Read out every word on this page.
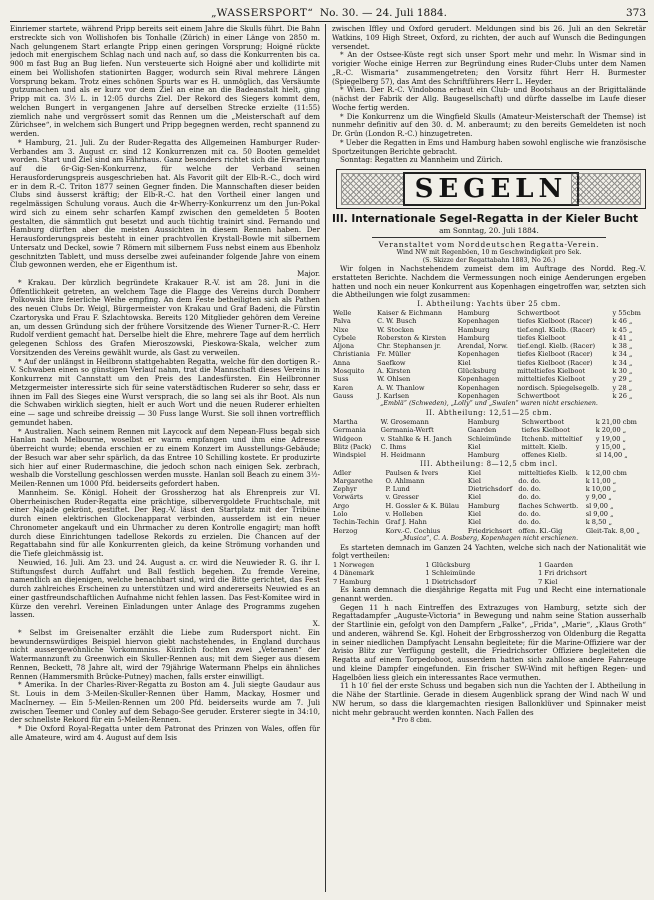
„WASSERSPORT“ No. 30. — 24. Juli 1884.	373

Einriemer startete, während Pripp bereits seit einem Jahre die Skulls führt. Die Bahn erstreckte sich von Wollishofen bis Tonhalle (Zürich) in einer Länge von 2850 m. Nach gelungenem Start erlangte Pripp einen geringen Vorsprung; Hoigné rückte jedoch mit energischem Schlag nach und nach auf, so dass die Konkurrenten bis ca. 900 m fast Bug an Bug liefen. Nun versteuerte sich Hoigné aber und kollidirte mit einem bei Wollishofen stationirten Bagger, wodurch sein Rival mehrere Längen Vorsprung bekam. Trotz eines schönen Spurts war es H. unmöglich, das Versäumte gutzumachen und als er kurz vor dem Ziel an eine an die Badeanstalt hielt, ging Pripp mit ca. 3½ L. in 12:05 durchs Ziel. Der Rekord des Siegers kommt dem, welchen Bungert in vergangenen Jahre auf derselben Strecke erzielte (11:55) ziemlich nahe und vergrössert somit das Rennen um die „Meisterschaft auf dem Zürichsee“, in welchem sich Bungert und Pripp begegnen werden, recht spannend zu werden.

* Hamburg, 21. Juli. Zu der Ruder-Regatta des Allgemeinen Hamburger Ruder-Verbandes am 3. August cr. sind 12 Konkurrenzen mit ca. 50 Booten gemeldet worden. Start und Ziel sind am Fährhaus. Ganz besonders richtet sich die Erwartung auf die 6r-Gig-Sen-Konkurrenz, für welche der Verband seinen Herausforderungspreis ausgeschrieben hat. Als Favorit gilt der Elb-R.-C., doch wird er in dem R.-C. Triton 1877 seinen Gegner finden. Die Mannschaften dieser beiden Clubs sind äusserst kräftig; der Elb-R.-C. hat den Vortheil einer langen und regelmässigen Schulung voraus. Auch die 4r-Wherry-Konkurrenz um den Jun-Pokal wird sich zu einem sehr scharfen Kampf zwischen den gemeldeten 5 Booten gestalten, die sämmtlich gut besetzt und auch tüchtig trainirt sind. Fernando und Hamburg dürften aber die meisten Aussichten in diesem Rennen haben. Der Herausforderungspreis besteht in einer prachtvollen Krystall-Bowle mit silbernem Untersatz und Deckel, sowie 7 Römern mit silbernem Fuss nebst einem aus Ebenholz geschnitzten Tablett, und muss derselbe zwei aufeinander folgende Jahre von einem Club gewonnen werden, ehe er Eigenthum ist.

Major.

* Krakau. Der kürzlich begründete Krakauer R.-V. ist am 28. Juni in die Öffentlichkeit getreten, an welchem Tage die Flagge des Vereins durch Domherr Polkowski ihre feierliche Weihe empfing. An dem Feste betheiligten sich als Pathen des neuen Clubs Dr. Weigl, Bürgermeister von Krakau und Graf Badeni, die Fürstin Czartoryska und Frau F. Szlachtowska. Bereits 120 Mitglieder gehören dem Vereine an, um dessen Gründung sich der frühere Vorsitzende des Wiener Turner-R.-C. Herr Rudolf verdient gemacht hat. Derselbe hielt die Ehre, mehrere Tage auf dem herrlich gelegenen Schloss des Grafen Mieroszowski, Pieskowa-Skala, welcher zum Vorsitzenden des Vereins gewählt wurde, als Gast zu verweilen.

* Auf der unlängst in Heilbronn stattgehabten Regatta, welche für den dortigen R.-V. Schwaben einen so günstigen Verlauf nahm, trat die Mannschaft dieses Vereins in Konkurrenz mit Cannstatt um den Preis des Landesfürsten. Ein Heilbronner Metzgermeister interessirte sich für seine vaterstädtischen Ruderer so sehr, dass er ihnen im Fall des Sieges eine Wurst versprach, die so lang sei als ihr Boot. Als nun die Schwaben wirklich siegten, hielt er auch Wort und die neuen Ruderer erhielten eine — sage und schreibe dreissig — 30 Fuss lange Wurst. Sie soll ihnen vortrefflich gemundet haben.

* Australien. Nach seinem Rennen mit Laycock auf dem Nepean-Fluss begab sich Hanlan nach Melbourne, woselbst er warm empfangen und ihm eine Adresse überreicht wurde; ebenda erschien er zu einem Konzert im Ausstellungs-Gebäude; der Besuch war aber sehr spärlich, da das Entree 10 Schilling kostete. Er produzirte sich hier auf einer Rudermaschine, die jedoch schon nach einigen Sek. zerbrach, weshalb die Vorstellung geschlossen werden musste. Hanlan soll Beach zu einem 3½-Meilen-Rennen um 1000 Pfd. beiderseits gefordert haben.

Mannheim. Se. Königl. Hoheit der Grossherzog hat als Ehrenpreis zur VI. Oberrheinischen Ruder-Regatta eine prächtige, silbervergoldete Fruchtschale, mit einer Najade gekrönt, gestiftet. Der Reg.-V. lässt den Startplatz mit der Tribüne durch einen elektrischen Glockenapparat verbinden, ausserdem ist ein neuer Chronometer angekauft und ein Uhrmacher zu deren Kontrolle engagirt; man hofft durch diese Einrichtungen tadellose Rekords zu erzielen. Die Chancen auf der Regattabahn sind für alle Konkurrenten gleich, da keine Strömung vorhanden und die Tiefe gleichmässig ist.

Neuwied, 16. Juli. Am 23. und 24. August a. cr. wird die Neuwieder R. G. ihr I. Stiftungsfest durch Auffahrt und Ball festlich begehen. Zu fremde Vereine, namentlich an diejenigen, welche benachbart sind, wird die Bitte gerichtet, das Fest durch zahlreiches Erscheinen zu unterstützen und wird andererseits Neuwied es an einer gastfreundschaftlichen Aufnahme nicht fehlen lassen. Das Fest-Komitee wird in Kürze den verehrl. Vereinen Einladungen unter Anlage des Programms zugehen lassen.

X.

* Selbst im Greisenalter erzählt die Liebe zum Rudersport nicht. Ein bewundernswürdiges Beispiel hiervon giebt nachstehendes, in England durchaus nicht aussergewöhnliche Vorkommniss. Kürzlich fochten zwei „Veteranen“ der Watermannzunft zu Greenwich ein Skuller-Rennen aus; mit dem Sieger aus diesem Rennen, Beckett, 78 Jahre alt, wird der 79jährige Watermann Phelps ein ähnliches Rennen (Hammersmith Brücke-Putney) machen, falls erster einwilligt.

* Amerika. In der Charles-River-Regatta zu Boston am 4. Juli siegte Gaudaur aus St. Louis in dem 3-Meilen-Skuller-Rennen über Hamm, Mackay, Hosmer und MacInerney. — Ein 5-Meilen-Rennen um 200 Pfd. beiderseits wurde am 7. Juli zwischen Teemer und Conley auf dem Sebago-See geruder. Ersterer siegte in 34:10, der schnellste Rekord für ein 5-Meilen-Rennen.

* Die Oxford Royal-Regatta unter dem Patronat des Prinzen von Wales, offen für alle Amateure, wird am 4. August auf dem Isis

zwischen Iffley und Oxford gerudert. Meldungen sind bis 26. Juli an den Sekretär Watkins, 109 High Street, Oxford, zu richten, der auch auf Wunsch die Bedingungen versendet.

* An der Ostsee-Küste regt sich unser Sport mehr und mehr. In Wismar sind in vorigier Woche einige Herren zur Begründung eines Ruder-Clubs unter dem Namen „R.-C. Wismaria“ zusammengetreten; den Vorsitz führt Herr H. Burmester (Spiegelberg 57), das Amt des Schriftführers Herr L. Heyder.

* Wien. Der R.-C. Vindobona erbaut ein Club- und Bootshaus an der Brigittalände (nächst der Fabrik der Allg. Baugesellschaft) und dürfte dasselbe im Laufe dieser Woche fertig werden.

* Die Konkurrenz um die Wingfield Skulls (Amateur-Meisterschaft der Themse) ist nunmehr definitiv auf den 30. d. M. anberaumt; zu den bereits Gemeldeten ist noch Dr. Grün (London R.-C.) hinzugetreten.

* Ueber die Regatten in Ems und Hamburg haben sowohl englische wie französische Sportzeitungen Berichte gebracht.

Sonntag: Regatten zu Mannheim und Zürich.

SEGELN
III. Internationale Segel-Regatta in der Kieler Bucht
am Sonntag, 20. Juli 1884.
Veranstaltet vom Norddeutschen Regatta-Verein.
Wind NW mit Regenböen, 10 m Geschwindigkeit pro Sek.
(S. Skizze der Regattabahn 1883, No 26.)

Wir folgen in Nachstehendem zumeist dem im Auftrage des Nordd. Reg.-V. erstatteten Berichte. Nachdem die Vermessungen noch einige Aenderungen ergeben hatten und noch ein neuer Konkurrent aus Kopenhagen eingetroffen war, setzten sich die Abtheilungen wie folgt zusammen:

I. Abtheilung: Yachts über 25 cbm.
Welle	Kaiser & Eichmann	Hamburg	Schwertboot	y 55cbm
Palva	C. W. Busch	Kopenhagen	tiefes Kielboot (Racer)	k 46 „
Nixe	W. Stocken	Hamburg	tief.engl. Kielb. (Racer)	k 45 „
Cybele	Roberston & Kirsten	Hamburg	tiefes Kielboot	k 41 „
Aljona	Chr. Stephansen jr.	Arendal, Norw.	tief.engl. Kielb. (Racer)	k 38 „
Christiania	Fr. Müller	Kopenhagen	tiefes Kielboot (Racer)	k 34 „
Anna	Saefkow	Kiel	tiefes Kielboot (Racer)	k 34 „
Mosquito	A. Kirsten	Glücksburg	mitteltiefes Kielboot	k 30 „
Suss	W. Ohlsen	Kopenhagen	mitteltiefes Kielboot	y 29 „
Karen	A. W. Thanlow	Kopenhagen	nordisch. Spiegelsegelb.	y 28 „
Gauss	J. Karlsen	Kopenhagen	Schwertboot	k 26 „
„Emblä“ (Schweden), „Lolly“ und „Swalen“ waren nicht erschienen.
II. Abtheilung: 12,51—25 cbm.
Martha	W. Grosemann	Hamburg	Schwertboot	k 21,00 cbm
Germania	Germania-Werft	Gaarden	tiefes Kielboot	k 20,00 „
Widgeon	v. Stahlke & H. Janch	Schleimünde	Itchenb. mitteltief	y 19,00 „
Blitz (Pack)	C. Ihms	Kiel	mittelt. Kielb.	y 15,00 „
Windspiel	H. Heidmann	Hamburg	offenes Kielb.	sl 14,00 „
III. Abtheilung: 8—12,5 cbm incl.
Adler	Paulsen & Ivers	Kiel	mitteltiefes Kielb.	k 12,00 cbm
Margarethe	O. Ahlmann	Kiel	do. do.	k 11,00 „
Zephyr	P. Lund	Dietrichsdorf	do. do.	k 10,00 „
Vorwärts	v. Gresser	Kiel	do. do.	y 9,00 „
Argo	H. Gossler & K. Bülau	Hamburg	flaches Schwertb.	sl 9,00 „
Lolo	v. Holleben	Kiel	do. do.	sl 9,00 „
Techin-Techin	Graf J. Hahn	Kiel	do. do.	k 8,50 „
Herzog	Korv.-C. Cochius	Friedrichsort	offen. Kl.-Gig	Gleit-Tak. 8,00 „
„Musica“, C. A. Bosberg, Kopenhagen nicht erschienen.

Es starteten demnach im Ganzen 24 Yachten, welche sich nach der Nationalität wie folgt vertheilen:

1 Norwegen	1 Glücksburg	1 Gaarden
4 Dänemark	1 Schleimünde	1 Fri drichsort
7 Hamburg	1 Dietrichsdorf	7 Kiel

Es kann demnach die diesjährige Regatta mit Fug und Recht eine internationale genannt werden.

Gegen 11 h nach Eintreffen des Extrazuges von Hamburg, setzte sich der Regattadampfer „Auguste-Victoria“ in Bewegung und nahm seine Station ausserhalb der Startlinie ein, gefolgt von den Dampfern „Falke“, „Frida“, „Marie“, „Klaus Groth“ und anderen, während Se. Kgl. Hoheit der Erbgrossherzog von Oldenburg die Regatta in seiner niedlichen Dampfyacht Lensahn begleitete; für die Marine-Offiziere war der Avisio Blitz zur Verfügung gestellt, die Friedrichsorter Offiziere begleiteten die Regatta auf einem Torpedoboot, ausserdem hatten sich zahllose andere Fahrzeuge und kleine Dampfer eingefunden. Ein frischer SW-Wind mit heftigen Regen- und Hagelböen liess gleich ein interessantes Race vermuthen.

11 h 10′ fiel der erste Schuss und begaben sich nun die Yachten der I. Abtheilung in die Nähe der Startlinie. Gerade in diesem Augenblick sprang der Wind nach W und NW herum, so dass die klargemachten riesigen Ballonklüver und Spinnaker meist nicht mehr gebraucht werden konnten. Nach Fallen des

* Pro 8 cbm.
